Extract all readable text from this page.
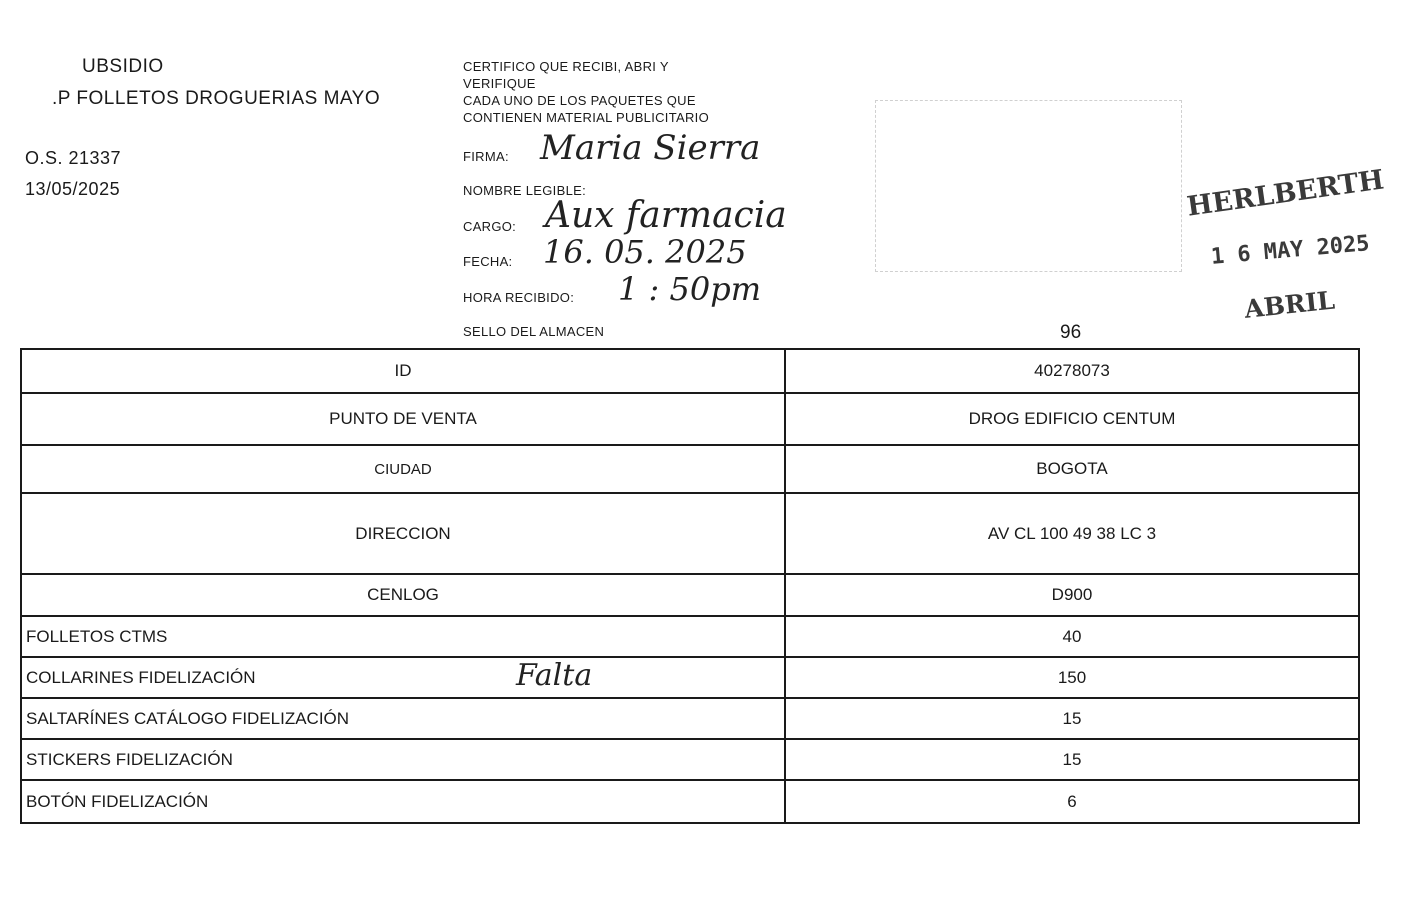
UBSIDIO
.P FOLLETOS DROGUERIAS MAYO
O.S. 21337
13/05/2025
CERTIFICO QUE RECIBI, ABRI Y
VERIFIQUE
CADA UNO DE LOS PAQUETES QUE
CONTIENEN MATERIAL PUBLICITARIO
FIRMA: Maria Sierra
NOMBRE LEGIBLE:
CARGO: Aux farmacia
FECHA: 16. 05. 2025
HORA RECIBIDO: 1 : 50pm
SELLO DEL ALMACEN
HERLBERTH
1 6 MAY 2025
ABRIL
96
ID	40278073
PUNTO DE VENTA	DROG EDIFICIO CENTUM
CIUDAD	BOGOTA
DIRECCION	AV CL 100 49 38 LC 3
CENLOG	D900
FOLLETOS CTMS	40
COLLARINES FIDELIZACIÓN Falta	150
SALTARÍNES CATÁLOGO FIDELIZACIÓN	15
STICKERS FIDELIZACIÓN	15
BOTÓN FIDELIZACIÓN	6
